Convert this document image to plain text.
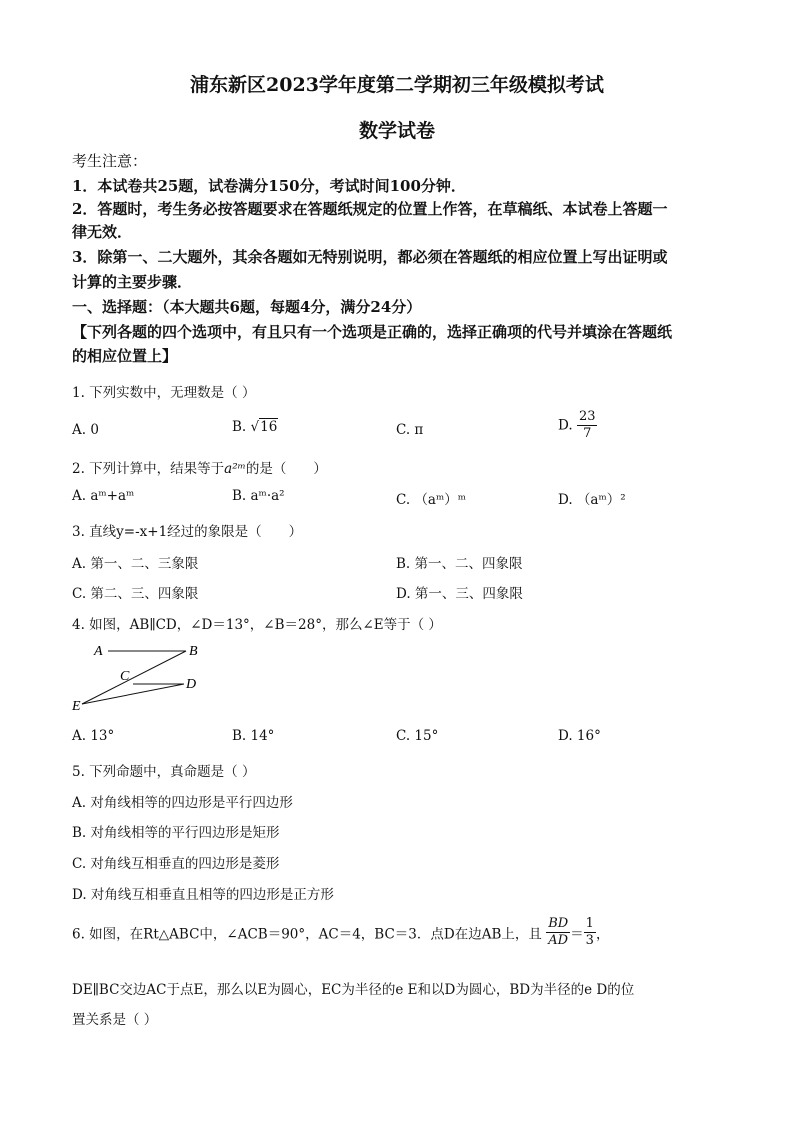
浦东新区2023学年度第二学期初三年级模拟考试
数学试卷
考生注意：
1．本试卷共25题，试卷满分150分，考试时间100分钟．
2．答题时，考生务必按答题要求在答题纸规定的位置上作答，在草稿纸、本试卷上答题一
律无效．
3．除第一、二大题外，其余各题如无特别说明，都必须在答题纸的相应位置上写出证明或
计算的主要步骤．
一、选择题：（本大题共6题，每题4分，满分24分）
【下列各题的四个选项中，有且只有一个选项是正确的，选择正确项的代号并填涂在答题纸
的相应位置上】
1. 下列实数中，无理数是（ ）
A. 0	B. √16	C. π	D. $\frac{23}{7}$
2. 下列计算中，结果等于a²ᵐ的是（　　）
A. aᵐ+aᵐ	B. aᵐ·a²	C. （aᵐ）ᵐ	D. （aᵐ）²
3. 直线y=-x+1经过的象限是（　　）
A. 第一、二、三象限	B. 第一、二、四象限
C. 第二、三、四象限	D. 第一、三、四象限
4. 如图，AB∥CD，∠D＝13°，∠B＝28°，那么∠E等于（ ）
A	B
C
D
E
A. 13°	B. 14°	C. 15°	D. 16°
5. 下列命题中，真命题是（ ）
A. 对角线相等的四边形是平行四边形
B. 对角线相等的平行四边形是矩形
C. 对角线互相垂直的四边形是菱形
D. 对角线互相垂直且相等的四边形是正方形
6. 如图，在Rt△ABC中，∠ACB＝90°，AC＝4，BC＝3．点D在边AB上，且 $\frac{BD}{AD} = \frac{1}{3}$ ，
DE∥BC交边AC于点E，那么以E为圆心，EC为半径的e E和以D为圆心，BD为半径的e D的位
置关系是（ ）
